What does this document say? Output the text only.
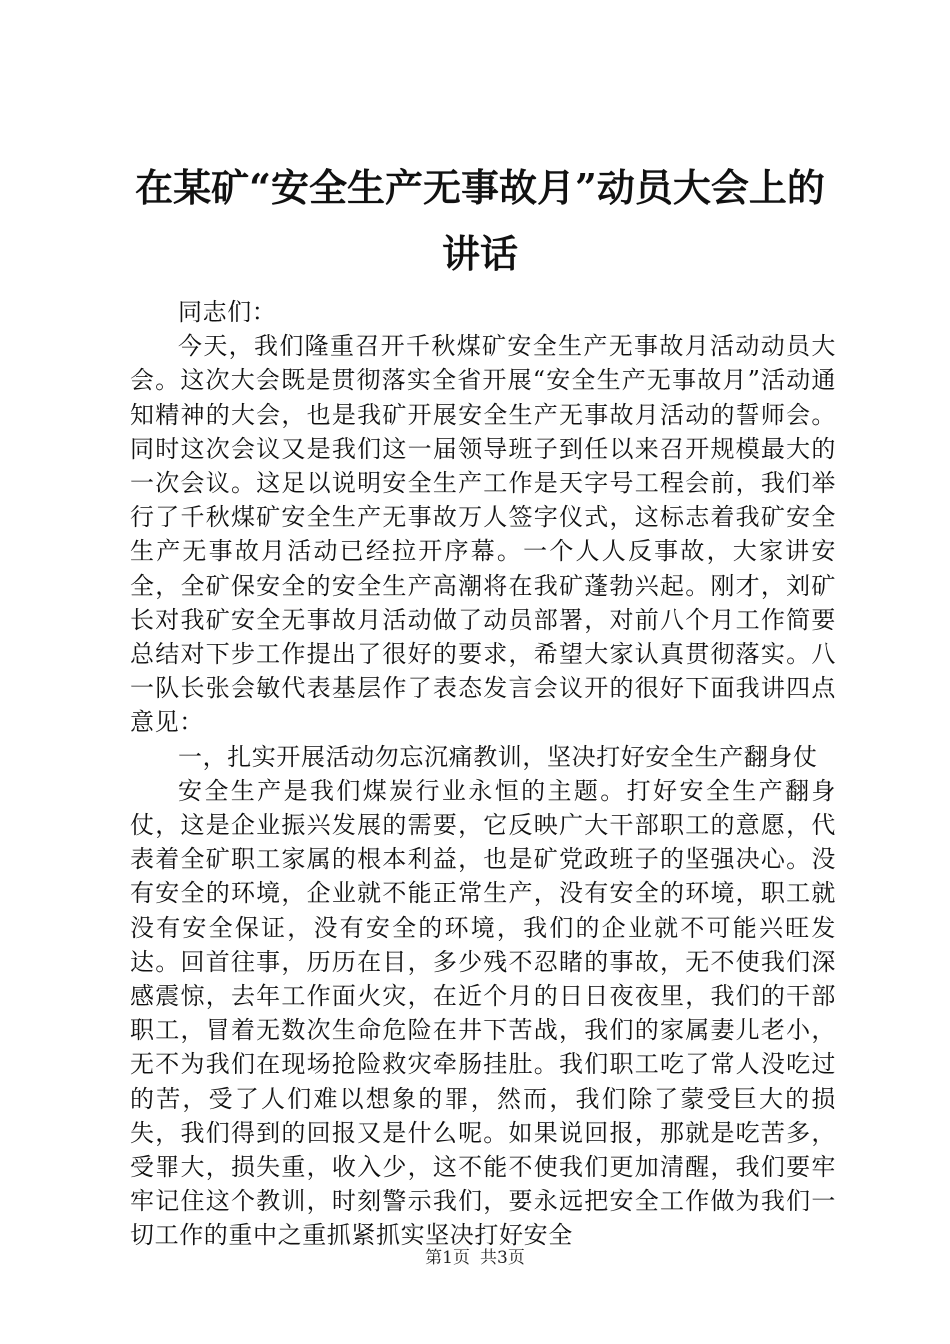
在某矿“安全生产无事故月”动员大会上的讲话

同志们：

今天，我们隆重召开千秋煤矿安全生产无事故月活动动员大会。这次大会既是贯彻落实全省开展“安全生产无事故月”活动通知精神的大会，也是我矿开展安全生产无事故月活动的誓师会。同时这次会议又是我们这一届领导班子到任以来召开规模最大的一次会议。这足以说明安全生产工作是天字号工程会前，我们举行了千秋煤矿安全生产无事故万人签字仪式，这标志着我矿安全生产无事故月活动已经拉开序幕。一个人人反事故，大家讲安全，全矿保安全的安全生产高潮将在我矿蓬勃兴起。刚才，刘矿长对我矿安全无事故月活动做了动员部署，对前八个月工作简要总结对下步工作提出了很好的要求，希望大家认真贯彻落实。八一队长张会敏代表基层作了表态发言会议开的很好下面我讲四点意见：

一，扎实开展活动勿忘沉痛教训，坚决打好安全生产翻身仗

安全生产是我们煤炭行业永恒的主题。打好安全生产翻身仗，这是企业振兴发展的需要，它反映广大干部职工的意愿，代表着全矿职工家属的根本利益，也是矿党政班子的坚强决心。没有安全的环境，企业就不能正常生产，没有安全的环境，职工就没有安全保证，没有安全的环境，我们的企业就不可能兴旺发达。回首往事，历历在目，多少残不忍睹的事故，无不使我们深感震惊，去年工作面火灾，在近个月的日日夜夜里，我们的干部职工，冒着无数次生命危险在井下苦战，我们的家属妻儿老小，无不为我们在现场抢险救灾牵肠挂肚。我们职工吃了常人没吃过的苦，受了人们难以想象的罪，然而，我们除了蒙受巨大的损失，我们得到的回报又是什么呢。如果说回报，那就是吃苦多，受罪大，损失重，收入少，这不能不使我们更加清醒，我们要牢牢记住这个教训，时刻警示我们，要永远把安全工作做为我们一切工作的重中之重抓紧抓实坚决打好安全

第1页 共3页
